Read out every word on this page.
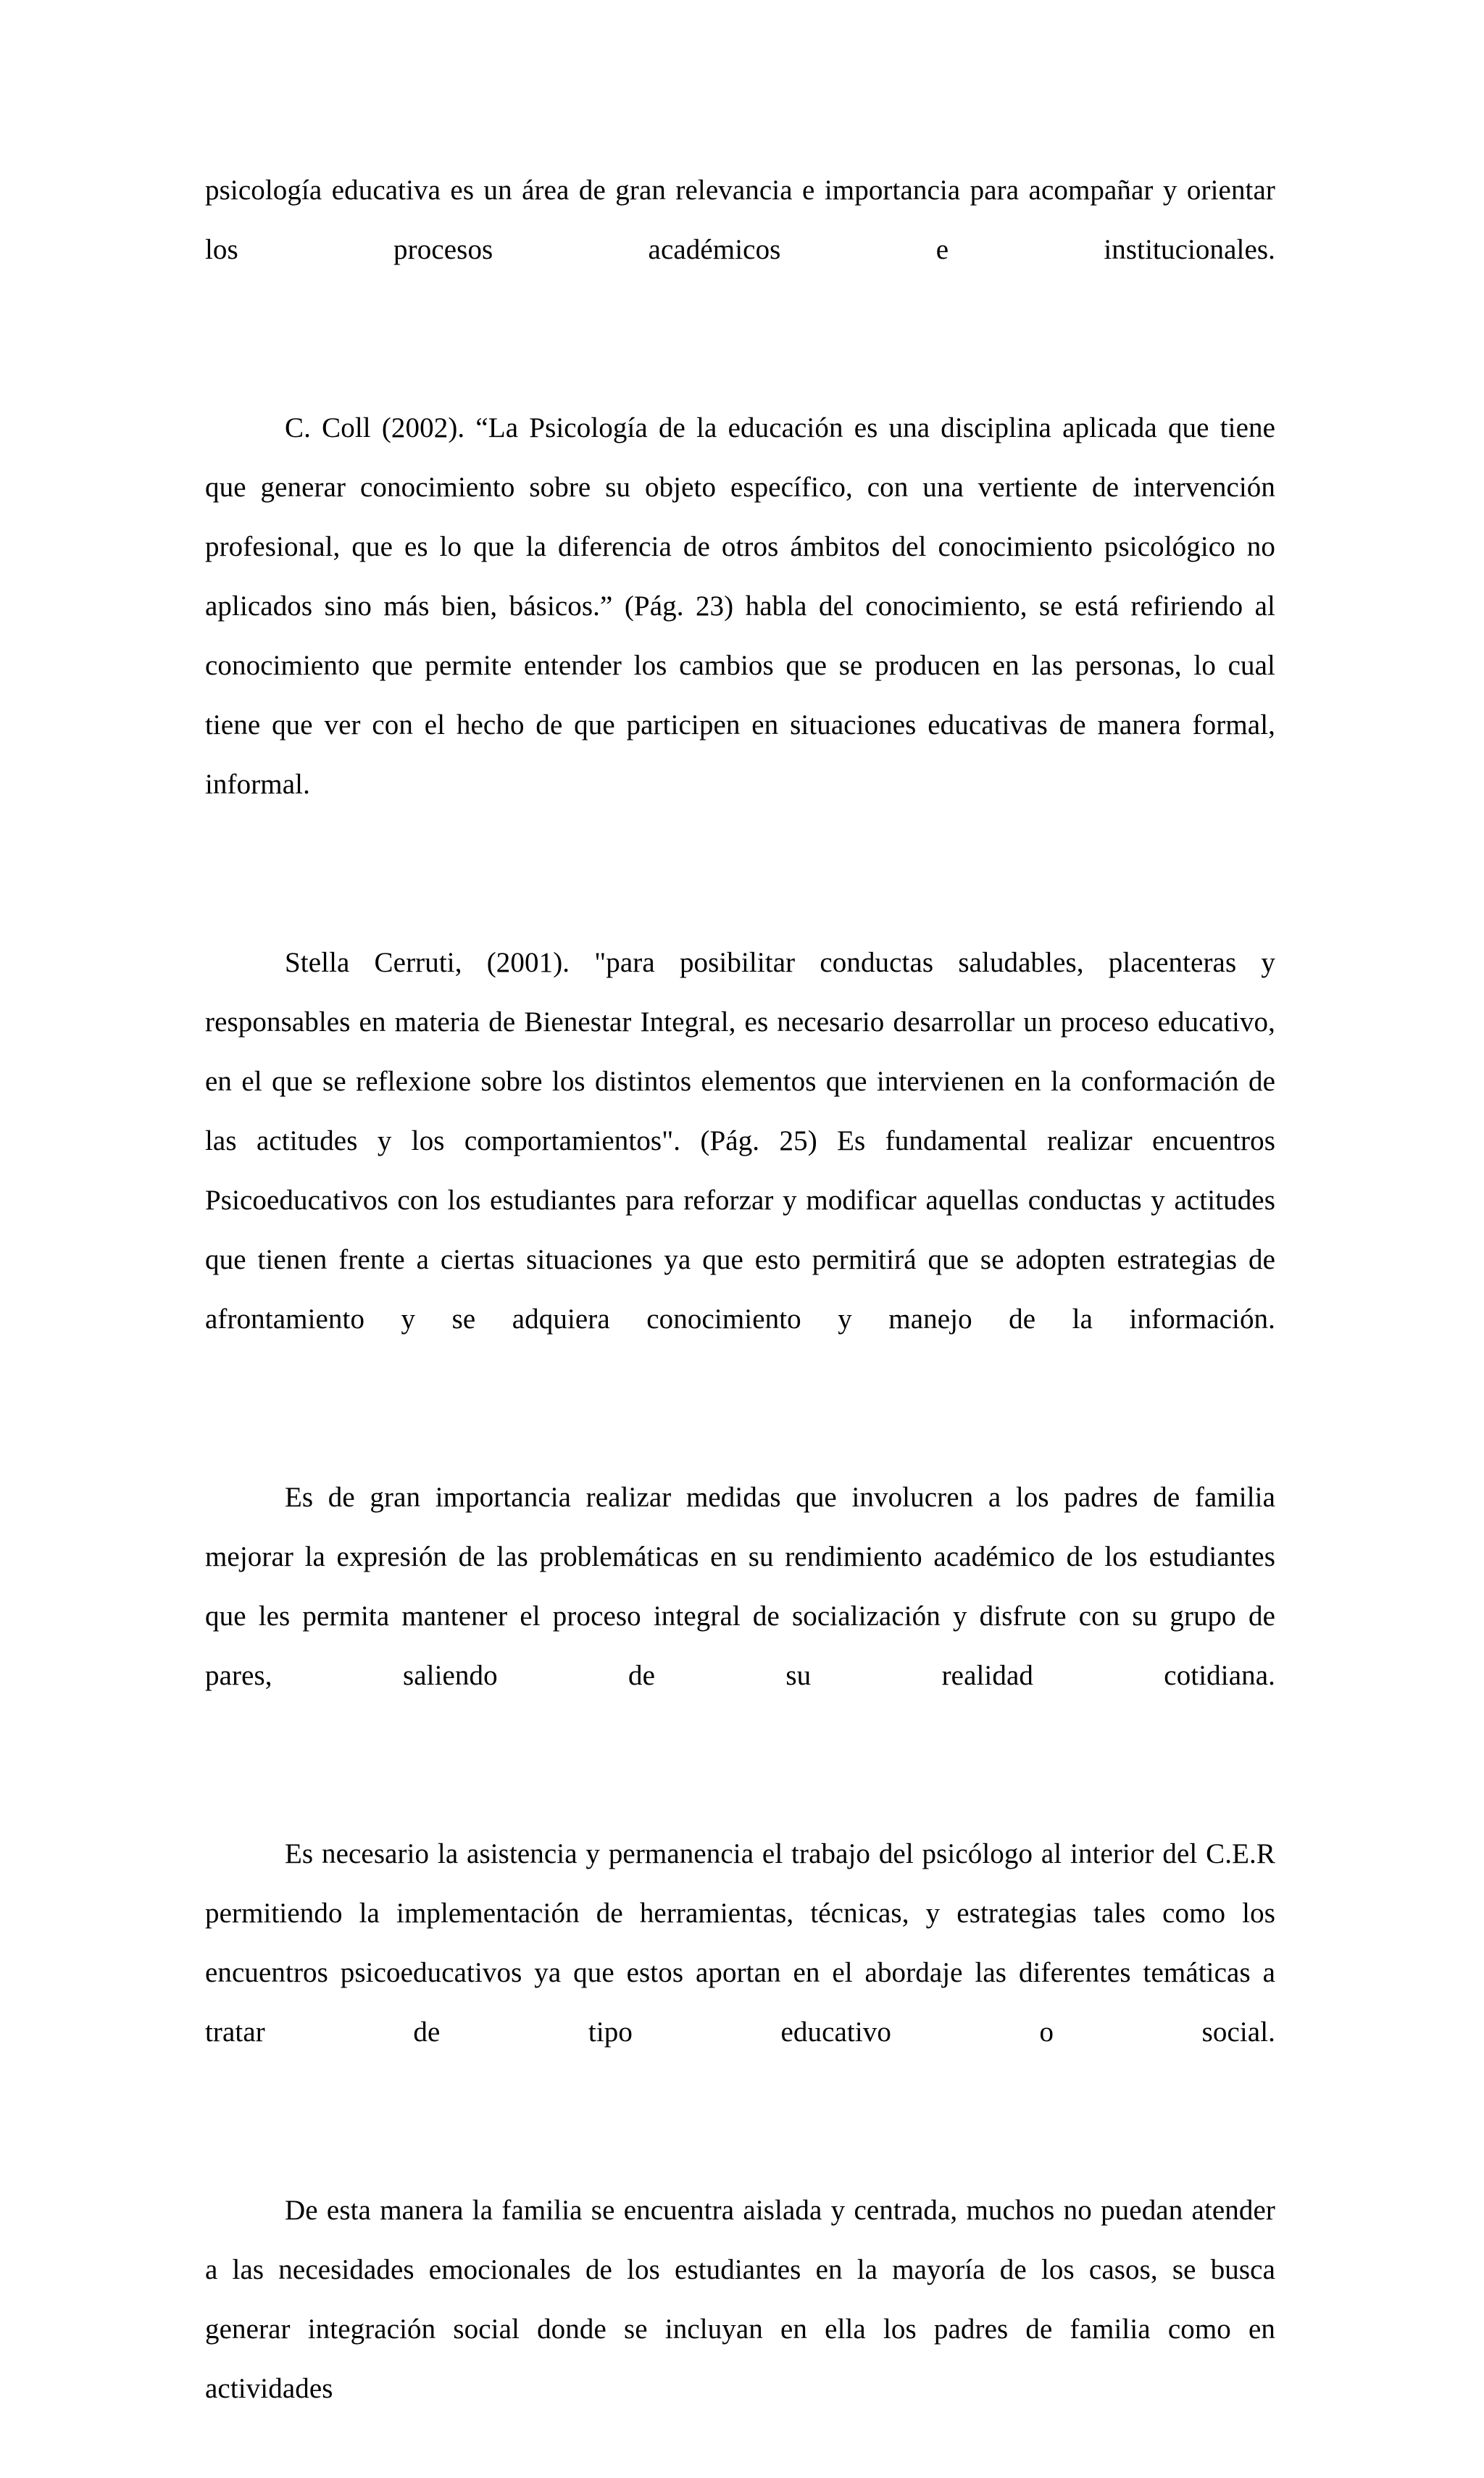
psicología educativa es un área de gran relevancia e importancia para acompañar y orientar los procesos académicos e institucionales.

C. Coll (2002). “La Psicología de la educación es una disciplina aplicada que tiene que generar conocimiento sobre su objeto específico, con una vertiente de intervención profesional, que es lo que la diferencia de otros ámbitos del conocimiento psicológico no aplicados sino más bien, básicos.” (Pág. 23) habla del conocimiento, se está refiriendo al conocimiento que permite entender los cambios que se producen en las personas, lo cual tiene que ver con el hecho de que participen en situaciones educativas de manera formal, informal.

Stella Cerruti, (2001). "para posibilitar conductas saludables, placenteras y responsables en materia de Bienestar Integral, es necesario desarrollar un proceso educativo, en el que se reflexione sobre los distintos elementos que intervienen en la conformación de las actitudes y los comportamientos". (Pág. 25) Es fundamental realizar encuentros Psicoeducativos con los estudiantes para reforzar y modificar aquellas conductas y actitudes que tienen frente a ciertas situaciones ya que esto permitirá que se adopten estrategias de afrontamiento y se adquiera conocimiento y manejo de la información.

Es de gran importancia realizar medidas que involucren a los padres de familia mejorar la expresión de las problemáticas en su rendimiento académico de los estudiantes que les permita mantener el proceso integral de socialización y disfrute con su grupo de pares, saliendo de su realidad cotidiana.

Es necesario la asistencia y permanencia el trabajo del psicólogo al interior del C.E.R permitiendo la implementación de herramientas, técnicas, y estrategias tales como los encuentros psicoeducativos ya que estos aportan en el abordaje las diferentes temáticas a tratar de tipo educativo o social.

De esta manera la familia se encuentra aislada y centrada, muchos no puedan atender a las necesidades emocionales de los estudiantes en la mayoría de los casos, se busca generar integración social donde se incluyan en ella los padres de familia como en actividades
